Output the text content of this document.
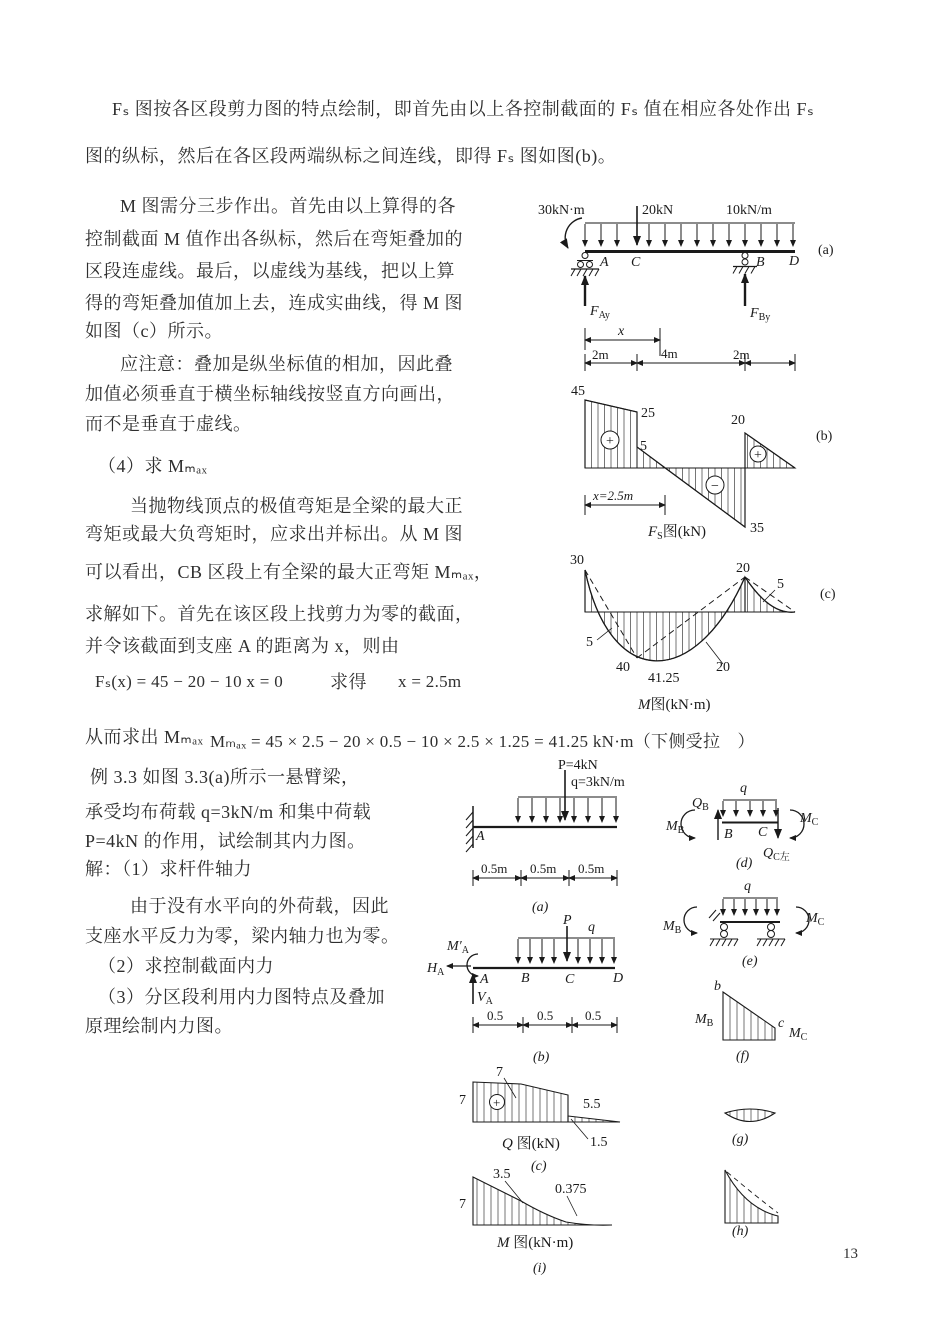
Fₛ 图按各区段剪力图的特点绘制，即首先由以上各控制截面的 Fₛ 值在相应各处作出 Fₛ
图的纵标，然后在各区段两端纵标之间连线，即得 Fₛ 图如图(b)。
M 图需分三步作出。首先由以上算得的各
控制截面 M 值作出各纵标，然后在弯矩叠加的
区段连虚线。最后，以虚线为基线，把以上算
得的弯矩叠加值加上去，连成实曲线，得 M 图
如图（c）所示。
应注意：叠加是纵坐标值的相加，因此叠
加值必须垂直于横坐标轴线按竖直方向画出，
而不是垂直于虚线。
（4）求 Mₘₐₓ
当抛物线顶点的极值弯矩是全梁的最大正
弯矩或最大负弯矩时，应求出并标出。从 M 图
可以看出，CB 区段上有全梁的最大正弯矩 Mₘₐₓ，
求解如下。首先在该区段上找剪力为零的截面，
并令该截面到支座 A 的距离为 x，则由
Fₛ(x) = 45 − 20 − 10 x = 0	求得 x = 2.5m
从而求出 Mₘₐₓ Mₘₐₓ = 45 × 2.5 − 20 × 0.5 − 10 × 2.5 × 1.25 = 41.25 kN·m（下侧受拉　）
例 3.3 如图 3.3(a)所示一悬臂梁，
承受均布荷载 q=3kN/m 和集中荷载
P=4kN 的作用，试绘制其内力图。
解：（1）求杆件轴力
由于没有水平向的外荷载，因此
支座水平反力为零，梁内轴力也为零。
（2）求控制截面内力
（3）分区段利用内力图特点及叠加
原理绘制内力图。
30kN·m	20kN	10kN/m
A C	B D
$F_{Ay}$	$F_{By}$
x
2m	4m	2m
(a)
+
−
+
45
25
5
20
35
x=2.5m
$F_S$图(kN)
(b)
30
20
5
5
40
41.25
20
M图(kN·m)
(c)
P=4kN
q=3kN/m
A
0.5m 0.5m 0.5m
(a)
P q
$M'_A$
$H_A$
$V_A$
A B	C	D
0.5	0.5 0.5
(b)
+
7
7
5.5
1.5
Q 图(kN)
(c)
7
3.5
0.375
M 图(kN·m)
(i)
q
$Q_B$
$M_B$	B C
$M_C$
$Q_{C左}$
(d)
q
$M_B$
$M_C$
(e)
b
$M_B$	c
$M_C$
(f)
(g)
(h)
13
